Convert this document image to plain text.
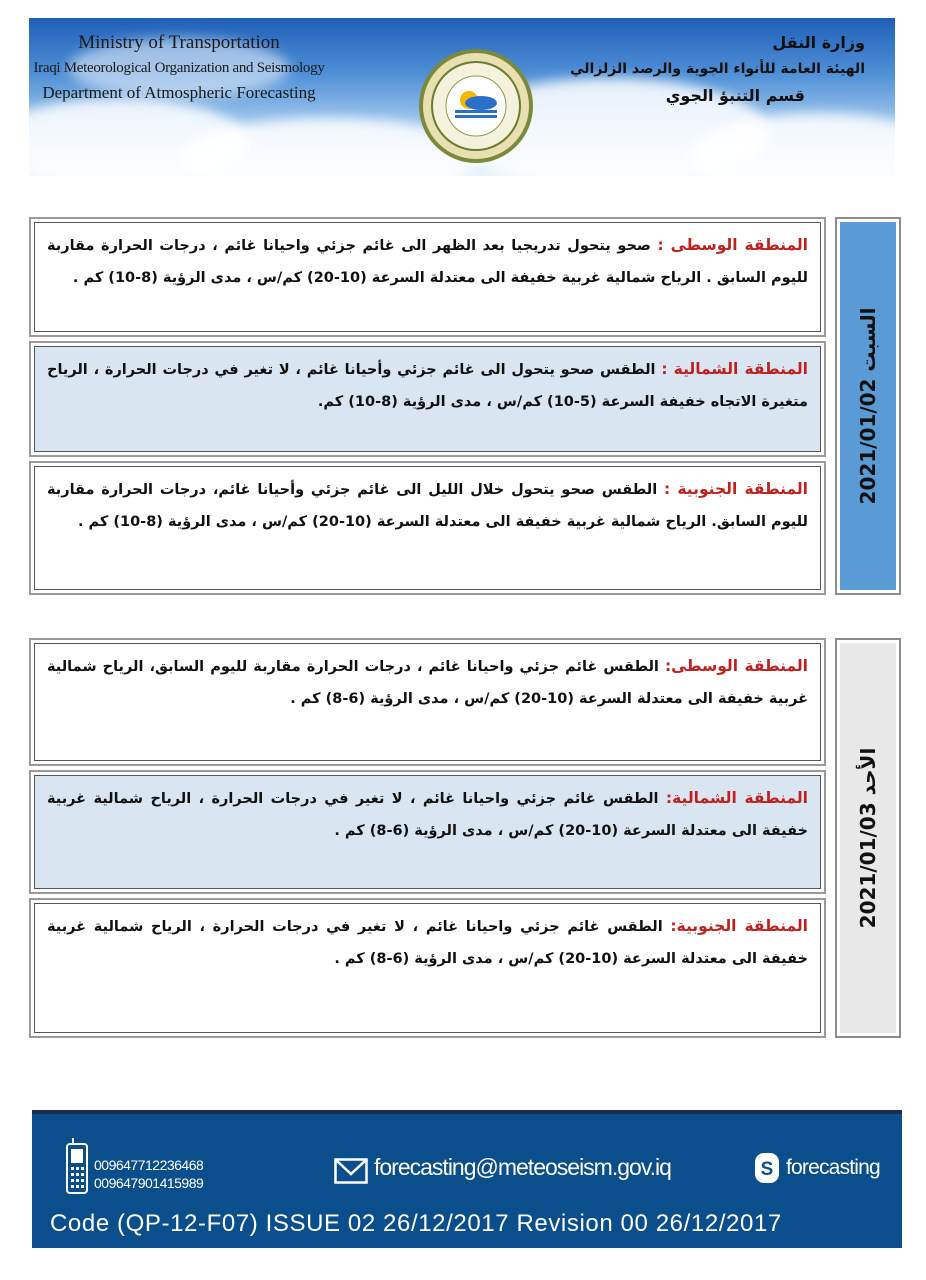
Ministry of Transportation
Iraqi Meteorological Organization and Seismology
Department of Atmospheric Forecasting
وزارة النقل
الهيئة العامة للأنواء الجوية والرصد الزلزالي
قسم التنبؤ الجوي
المنطقة الوسطى : صحو يتحول تدريجيا بعد الظهر الى غائم جزئي واحيانا غائم ، درجات الحرارة مقاربة لليوم السابق . الرياح شمالية غربية خفيفة الى معتدلة السرعة (10-20) كم/س ، مدى الرؤية (8-10) كم .
المنطقة الشمالية : الطقس صحو يتحول الى غائم جزئي وأحيانا غائم ، لا تغير في درجات الحرارة ، الرياح متغيرة الاتجاه خفيفة السرعة (5-10) كم/س ، مدى الرؤية (8-10) كم.
المنطقة الجنوبية : الطقس صحو يتحول خلال الليل الى غائم جزئي وأحيانا غائم، درجات الحرارة مقاربة لليوم السابق. الرياح شمالية غربية خفيفة الى معتدلة السرعة (10-20) كم/س ، مدى الرؤية (8-10) كم .
السبت 2021/01/02
المنطقة الوسطى: الطقس غائم جزئي واحيانا غائم ، درجات الحرارة مقاربة لليوم السابق، الرياح شمالية غربية خفيفة الى معتدلة السرعة (10-20) كم/س ، مدى الرؤية (6-8) كم .
المنطقة الشمالية: الطقس غائم جزئي واحيانا غائم ، لا تغير في درجات الحرارة ، الرياح شمالية غربية خفيفة الى معتدلة السرعة (10-20) كم/س ، مدى الرؤية (6-8) كم .
المنطقة الجنوبية: الطقس غائم جزئي واحيانا غائم ، لا تغير في درجات الحرارة ، الرياح شمالية غربية خفيفة الى معتدلة السرعة (10-20) كم/س ، مدى الرؤية (6-8) كم .
الأحد 2021/01/03
009647712236468
009647901415989
forecasting@meteoseism.gov.iq	S forecasting
Code (QP-12-F07) ISSUE 02 26/12/2017 Revision 00 26/12/2017
